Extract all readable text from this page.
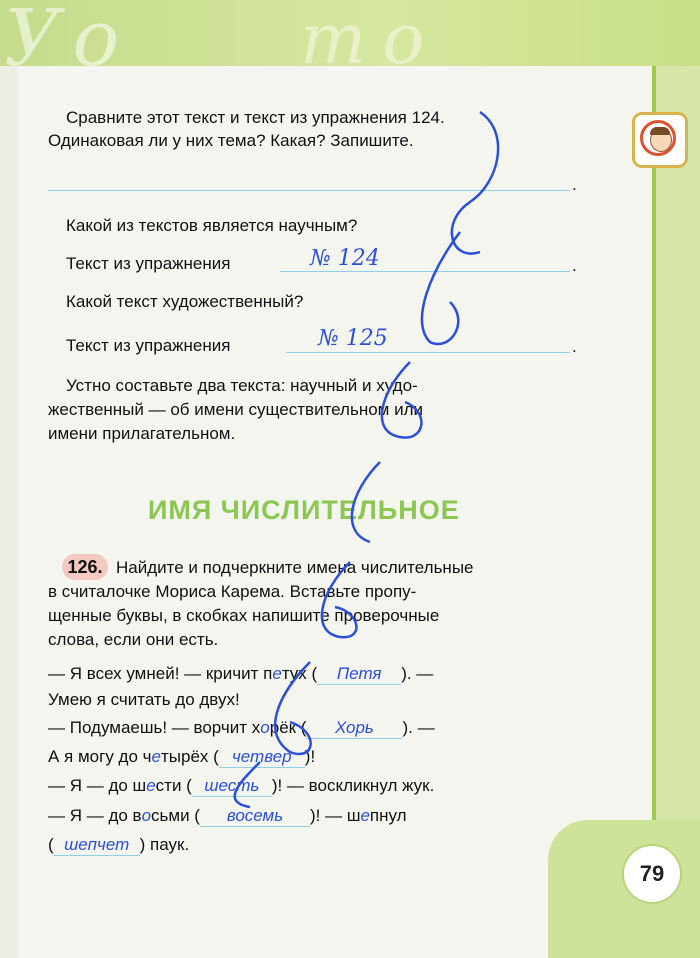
Уо то
79
Сравните этот текст и текст из упражнения 124.
Одинаковая ли у них тема? Какая? Запишите.
.
Какой из текстов является научным?
Текст из упражнения	№ 124	.
Какой текст художественный?
Текст из упражнения	№ 125	.
Устно составьте два текста: научный и худо-
жественный — об имени существительном или
имени прилагательном.
ИМЯ ЧИСЛИТЕЛЬНОЕ
126. Найдите и подчеркните имена числительные
в считалочке Мориса Карема. Вставьте пропу-
щенные буквы, в скобках напишите проверочные
слова, если они есть.
— Я всех умней! — кричит петух ( Петя ). —
Умею я считать до двух!
— Подумаешь! — ворчит хорёк ( Хорь ). —
А я могу до четырёх ( четвер )!
— Я — до шести ( шесть )! — воскликнул жук.
— Я — до восьми ( восемь )! — шепнул
( шепчет ) паук.
